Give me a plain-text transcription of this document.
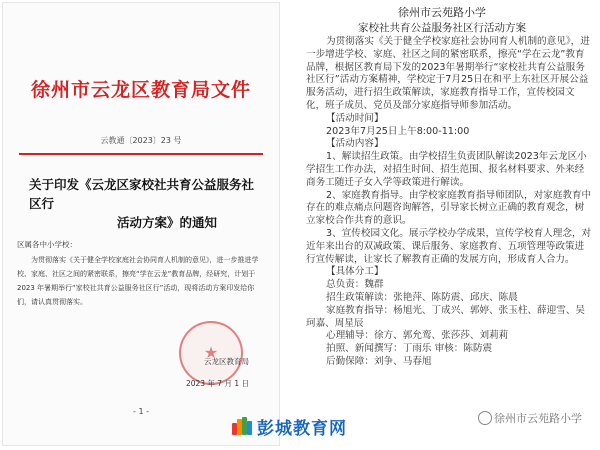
徐州市云龙区教育局文件
云教通〔2023〕23 号
关于印发《云龙区家校社共育公益服务社区行
活动方案》的通知
区属各中小学校：
为贯彻落实《关于健全学校家庭社会协同育人机制的意见》，进一步推进学校、家庭、社区之间的紧密联系，擦亮“学在云龙”教育品牌，经研究，计划于 2023 年暑期举行“家校社共育公益服务社区行”活动，现将活动方案印发给你们，请认真贯彻落实。
★
云龙区教育局
2023 年 7 月 1 日
- 1 -
徐州市云苑路小学
家校社共育公益服务社区行活动方案

为贯彻落实《关于健全学校家庭社会协同育人机制的意见》，进一步增进学校、家庭、社区之间的紧密联系，擦亮“学在云龙”教育品牌，根据区教育局下发的2023年暑期举行“家校社共育公益服务社区行”活动方案精神，学校定于7月25日在和平上东社区开展公益服务活动，进行招生政策解读，家庭教育指导工作，宣传校园文化，班子成员、党员及部分家庭指导师参加活动。

【活动时间】

2023年7月25日上午8:00-11:00

【活动内容】

1、解读招生政策。由学校招生负责团队解读2023年云龙区小学招生工作办法，对招生时间、招生范围、报名材料要求、外来经商务工随迁子女入学等政策进行解读。

2、家庭教育指导。由学校家庭教育指导师团队，对家庭教育中存在的难点痛点问题咨询解答，引导家长树立正确的教育观念，树立家校合作共育的意识。

3、宣传校园文化。展示学校办学成果，宣传学校育人理念，对近年来出台的双减政策、课后服务、家庭教育、五项管理等政策进行宣传解读，让家长了解教育正确的发展方向，形成育人合力。

【具体分工】

总负责：魏群

招生政策解读：张艳萍、陈防震、邱庆、陈晨

家庭教育指导：杨旭光、丁成兴、郭婷、张玉柱、薛迎雪、吴珂嘉、周星辰

心理辅导：徐方、郭允鸾、张莎莎、刘莉莉

拍照、新闻撰写：丁雨乐 审核：陈防震

后勤保障：刘争、马春旭

彭城教育网	徐州市云苑路小学
